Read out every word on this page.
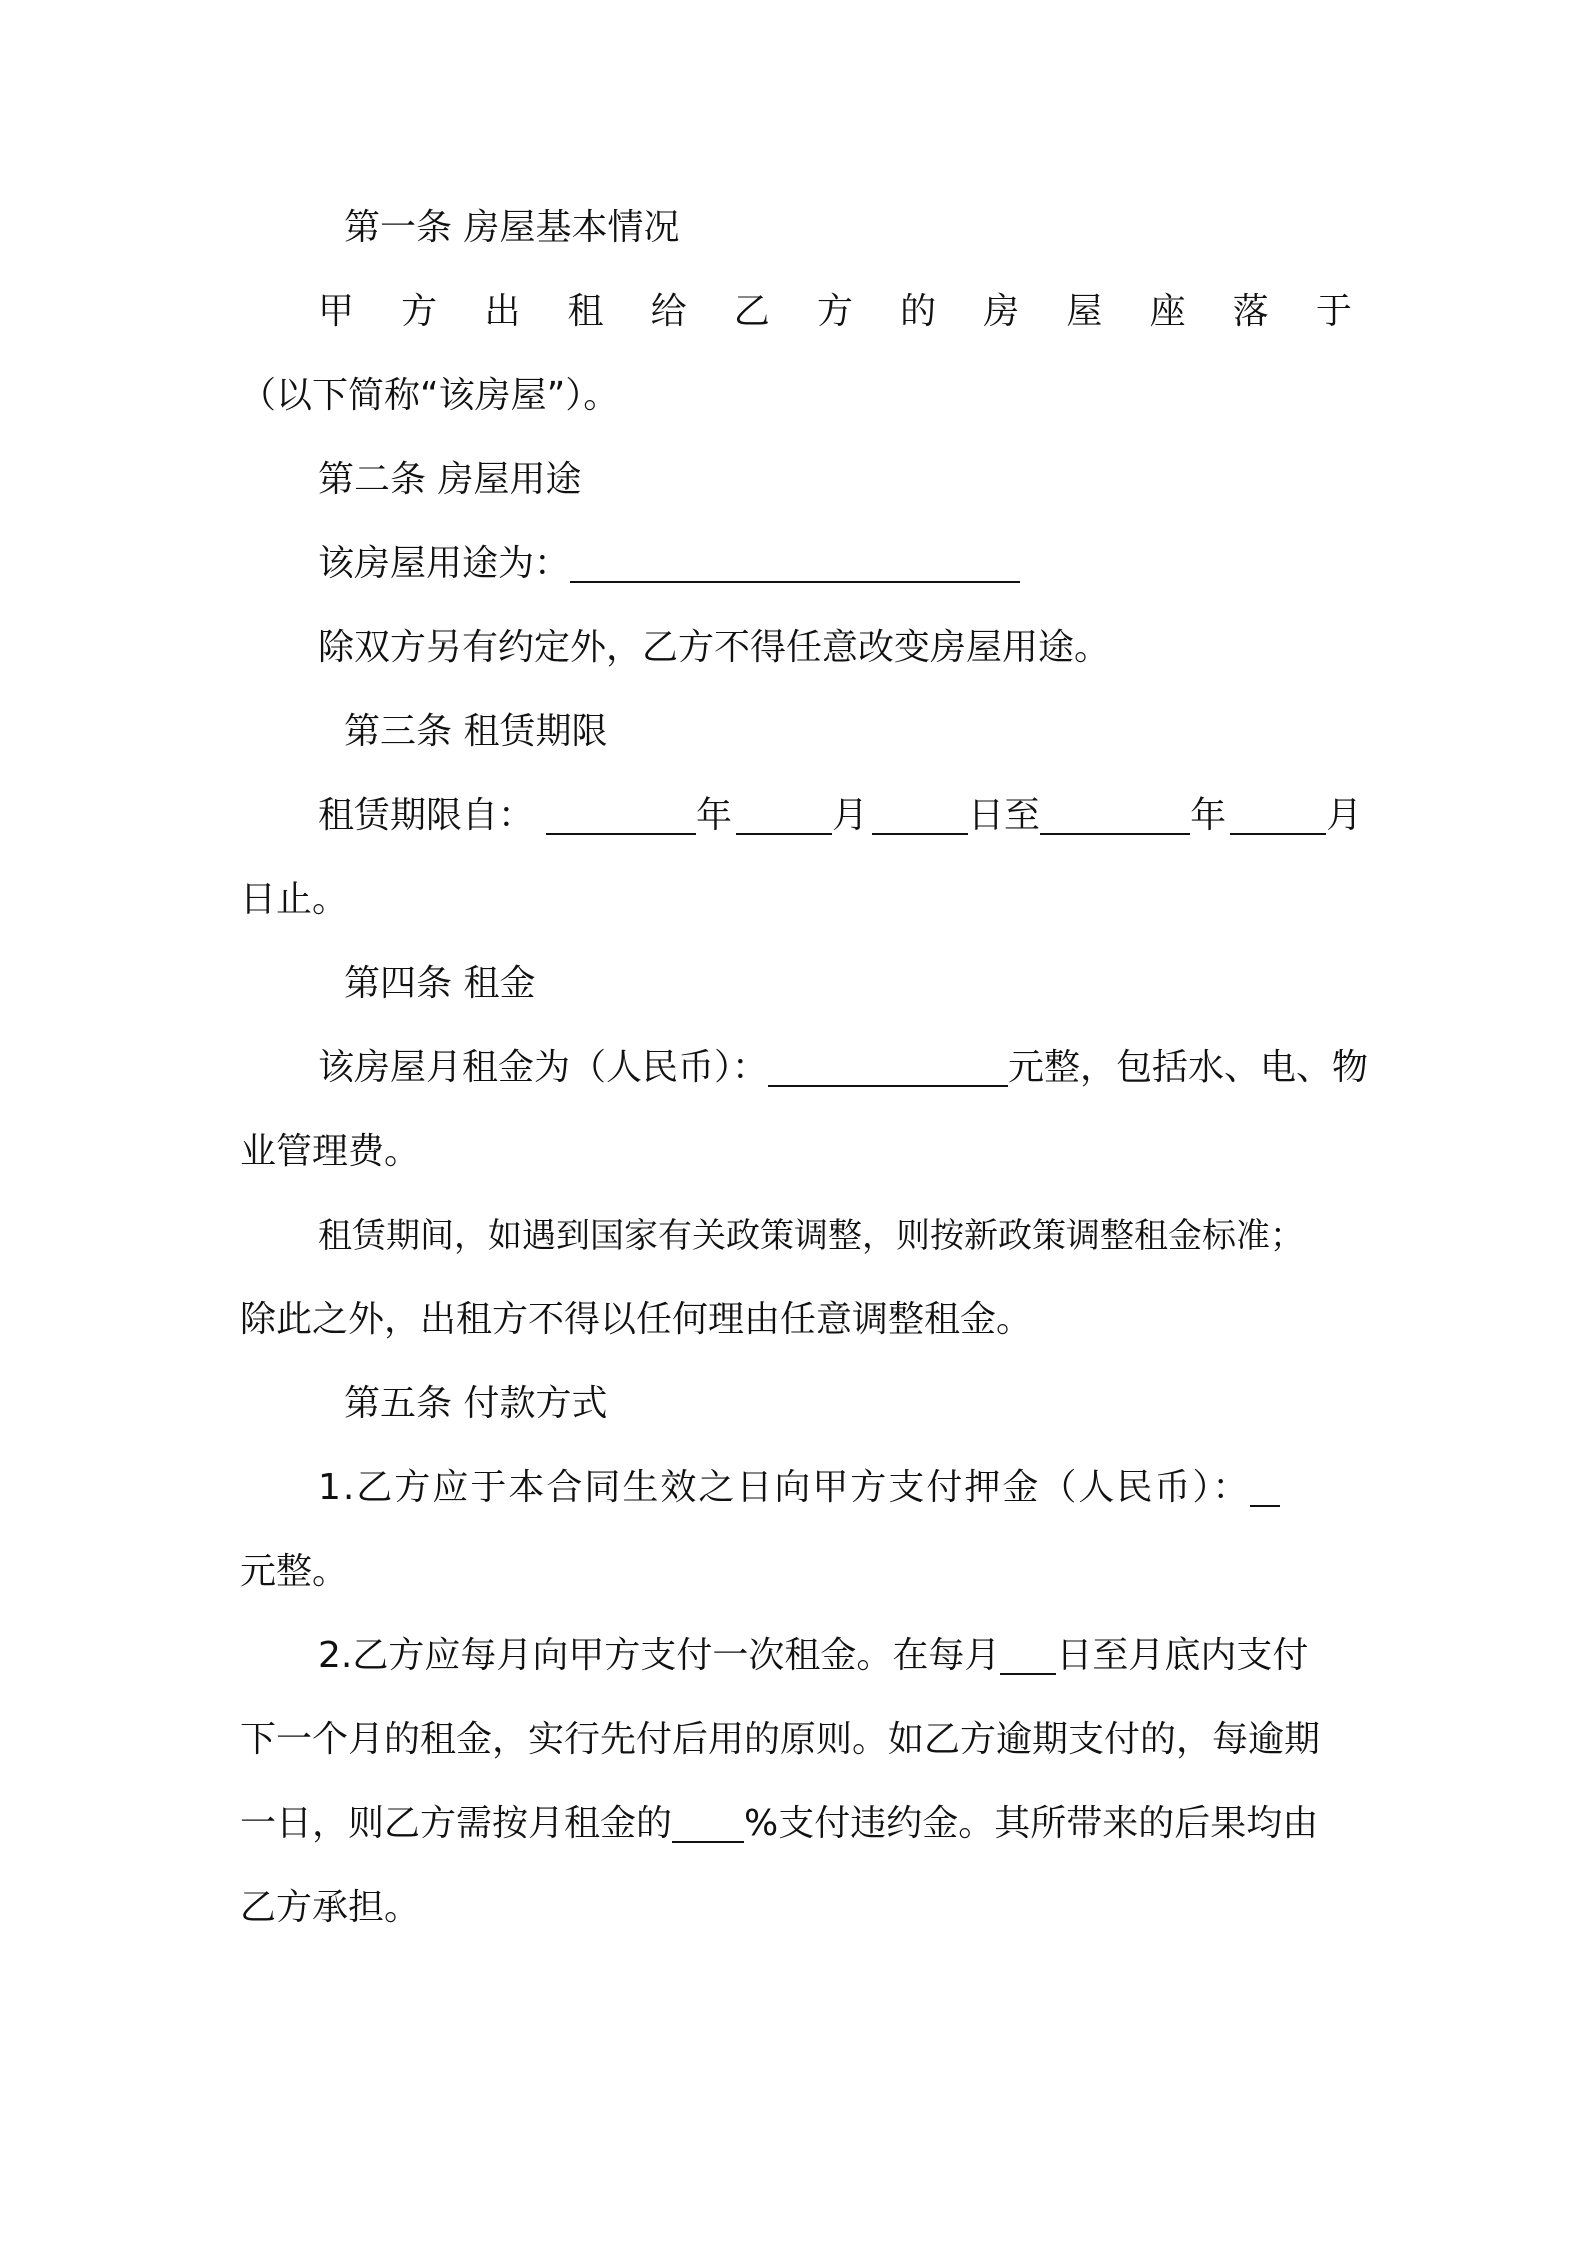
第一条 房屋基本情况
甲 方 出 租 给 乙 方 的 房 屋 座 落 于
（以下简称“该房屋”）。
第二条 房屋用途
该房屋用途为：
除双方另有约定外，乙方不得任意改变房屋用途。
第三条 租赁期限
租赁期限自：	年	月	日至	年	月
日止。
第四条 租金
该房屋月租金为（人民币）：	元整，包括水、电、物
业管理费。
租赁期间，如遇到国家有关政策调整，则按新政策调整租金标准；
除此之外，出租方不得以任何理由任意调整租金。
第五条 付款方式
1.乙方应于本合同生效之日向甲方支付押金（人民币）：
元整。
2.乙方应每月向甲方支付一次租金。在每月 日至月底内支付
下一个月的租金，实行先付后用的原则。如乙方逾期支付的，每逾期
一日，则乙方需按月租金的 %支付违约金。其所带来的后果均由
乙方承担。
